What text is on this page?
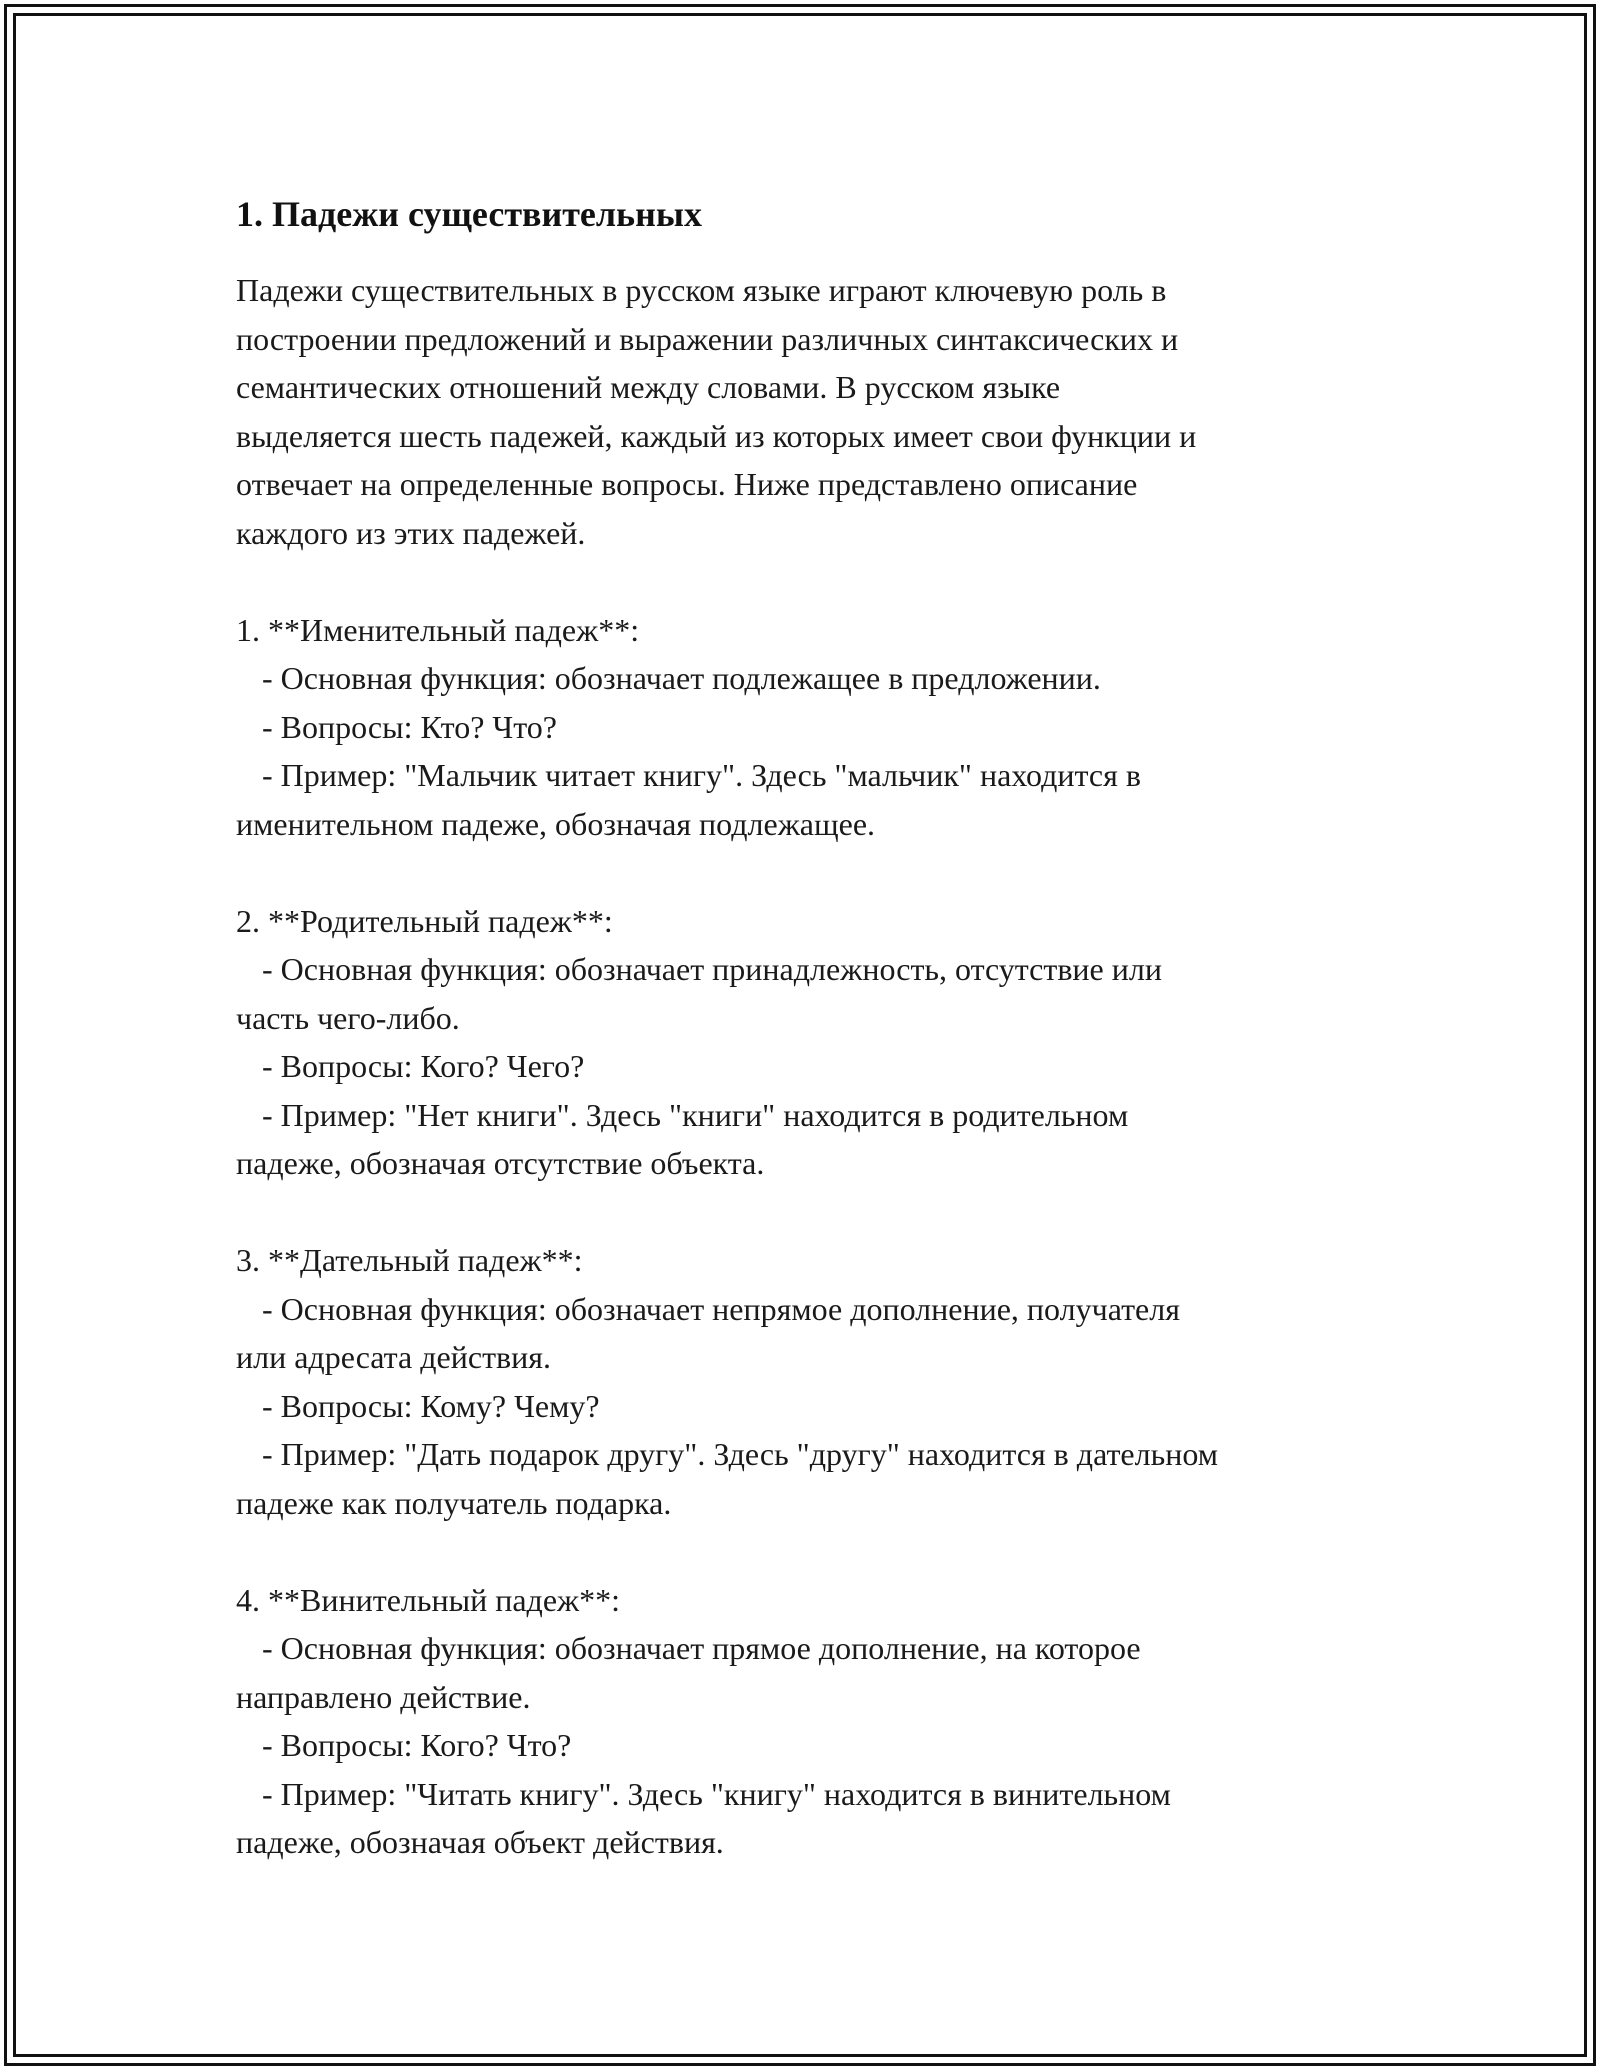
1. Падежи существительных
Падежи существительных в русском языке играют ключевую роль в
построении предложений и выражении различных синтаксических и
семантических отношений между словами. В русском языке
выделяется шесть падежей, каждый из которых имеет свои функции и
отвечает на определенные вопросы. Ниже представлено описание
каждого из этих падежей.
1. **Именительный падеж**:
- Основная функция: обозначает подлежащее в предложении.
- Вопросы: Кто? Что?
- Пример: "Мальчик читает книгу". Здесь "мальчик" находится в
именительном падеже, обозначая подлежащее.
2. **Родительный падеж**:
- Основная функция: обозначает принадлежность, отсутствие или
часть чего-либо.
- Вопросы: Кого? Чего?
- Пример: "Нет книги". Здесь "книги" находится в родительном
падеже, обозначая отсутствие объекта.
3. **Дательный падеж**:
- Основная функция: обозначает непрямое дополнение, получателя
или адресата действия.
- Вопросы: Кому? Чему?
- Пример: "Дать подарок другу". Здесь "другу" находится в дательном
падеже как получатель подарка.
4. **Винительный падеж**:
- Основная функция: обозначает прямое дополнение, на которое
направлено действие.
- Вопросы: Кого? Что?
- Пример: "Читать книгу". Здесь "книгу" находится в винительном
падеже, обозначая объект действия.
